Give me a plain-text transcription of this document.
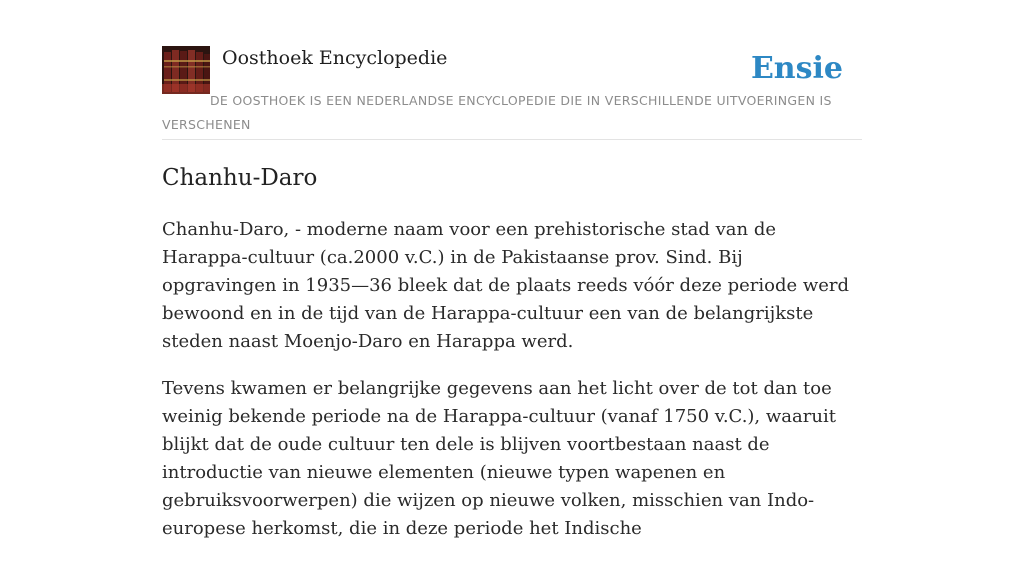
Oosthoek Encyclopedie	Ensie
DE OOSTHOEK IS EEN NEDERLANDSE ENCYCLOPEDIE DIE IN VERSCHILLENDE UITVOERINGEN IS VERSCHENEN
Chanhu-Daro

Chanhu-Daro, - moderne naam voor een prehistorische stad van de Harappa-cultuur (ca.2000 v.C.) in de Pakistaanse prov. Sind. Bij opgravingen in 1935—36 bleek dat de plaats reeds vóór deze periode werd bewoond en in de tijd van de Harappa-cultuur een van de belangrijkste steden naast Moenjo-Daro en Harappa werd.

Tevens kwamen er belangrijke gegevens aan het licht over de tot dan toe weinig bekende periode na de Harappa-cultuur (vanaf 1750 v.C.), waaruit blijkt dat de oude cultuur ten dele is blijven voortbestaan naast de introductie van nieuwe elementen (nieuwe typen wapenen en gebruiksvoorwerpen) die wijzen op nieuwe volken, misschien van Indo-europese herkomst, die in deze periode het Indische
